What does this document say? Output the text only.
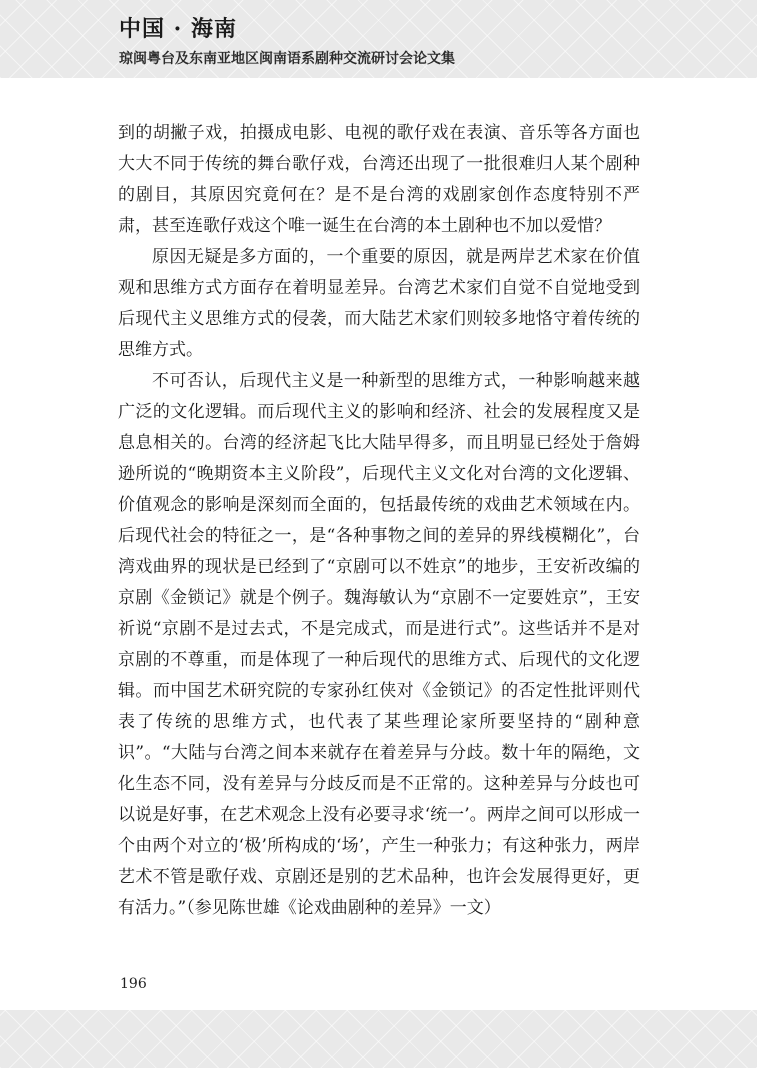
中国 · 海南
琼闽粤台及东南亚地区闽南语系剧种交流研讨会论文集

到的胡撇子戏，拍摄成电影、电视的歌仔戏在表演、音乐等各方面也大大不同于传统的舞台歌仔戏，台湾还出现了一批很难归人某个剧种的剧目，其原因究竟何在？是不是台湾的戏剧家创作态度特别不严肃，甚至连歌仔戏这个唯一诞生在台湾的本土剧种也不加以爱惜？

原因无疑是多方面的，一个重要的原因，就是两岸艺术家在价值观和思维方式方面存在着明显差异。台湾艺术家们自觉不自觉地受到后现代主义思维方式的侵袭，而大陆艺术家们则较多地恪守着传统的思维方式。

不可否认，后现代主义是一种新型的思维方式，一种影响越来越广泛的文化逻辑。而后现代主义的影响和经济、社会的发展程度又是息息相关的。台湾的经济起飞比大陆早得多，而且明显已经处于詹姆逊所说的“晚期资本主义阶段”，后现代主义文化对台湾的文化逻辑、价值观念的影响是深刻而全面的，包括最传统的戏曲艺术领域在内。后现代社会的特征之一，是“各种事物之间的差异的界线模糊化”，台湾戏曲界的现状是已经到了“京剧可以不姓京”的地步，王安祈改编的京剧《金锁记》就是个例子。魏海敏认为“京剧不一定要姓京”，王安祈说“京剧不是过去式，不是完成式，而是进行式”。这些话并不是对京剧的不尊重，而是体现了一种后现代的思维方式、后现代的文化逻辑。而中国艺术研究院的专家孙红侠对《金锁记》的否定性批评则代表了传统的思维方式，也代表了某些理论家所要坚持的“剧种意识”。“大陆与台湾之间本来就存在着差异与分歧。数十年的隔绝，文化生态不同，没有差异与分歧反而是不正常的。这种差异与分歧也可以说是好事，在艺术观念上没有必要寻求‘统一’。两岸之间可以形成一个由两个对立的‘极’所构成的‘场’，产生一种张力；有这种张力，两岸艺术不管是歌仔戏、京剧还是别的艺术品种，也许会发展得更好，更有活力。”（参见陈世雄《论戏曲剧种的差异》一文）

196
